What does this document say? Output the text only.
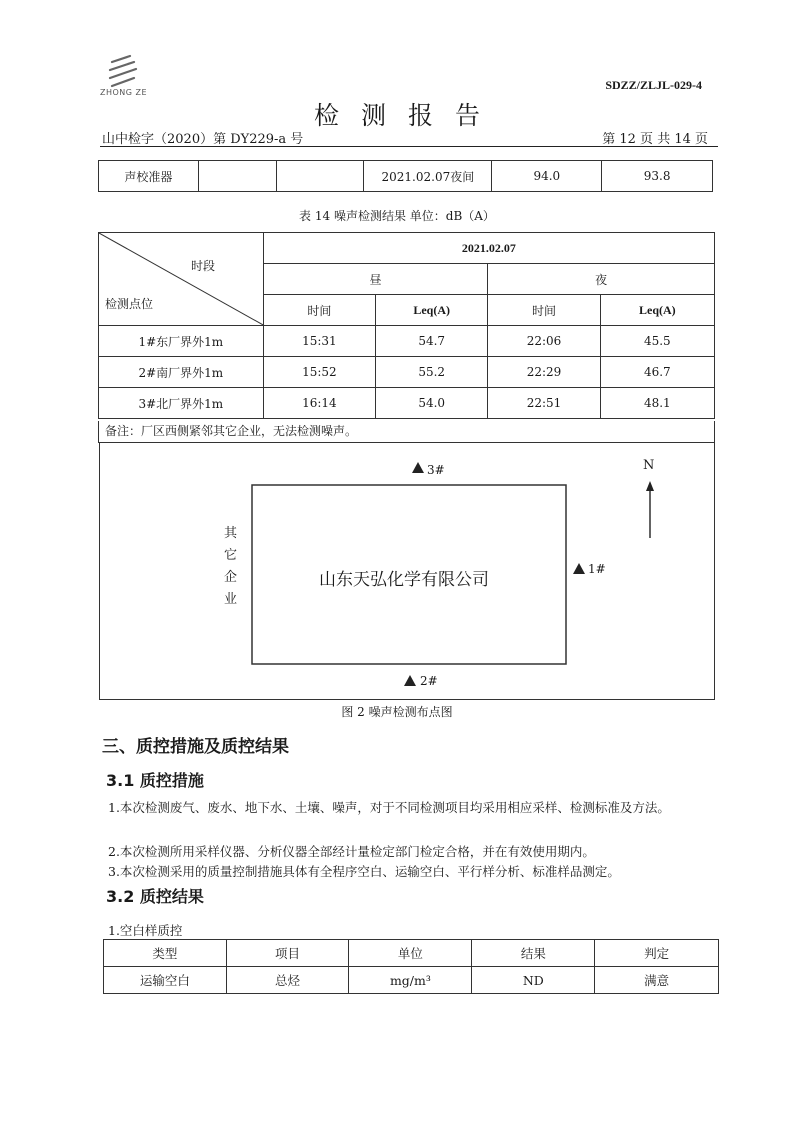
ZHONG ZE
SDZZ/ZLJL-029-4
检测报告
山中检字（2020）第 DY229-a 号	第 12 页 共 14 页
声校准器			2021.02.07夜间	94.0	93.8
表 14 噪声检测结果 单位：dB（A）
时段
检测点位	2021.02.07			
	昼		夜	
	时间	Leq(A)	时间	Leq(A)
1#东厂界外1m	15:31	54.7	22:06	45.5
2#南厂界外1m	15:52	55.2	22:29	46.7
3#北厂界外1m	16:14	54.0	22:51	48.1
备注：厂区西侧紧邻其它企业，无法检测噪声。
3#
1#
2#
N
山东天弘化学有限公司
其它企业
图 2 噪声检测布点图
三、质控措施及质控结果
3.1 质控措施
1.本次检测废气、废水、地下水、土壤、噪声，对于不同检测项目均采用相应采样、检测标准及方法。
2.本次检测所用采样仪器、分析仪器全部经计量检定部门检定合格，并在有效使用期内。
3.本次检测采用的质量控制措施具体有全程序空白、运输空白、平行样分析、标准样品测定。
3.2 质控结果
1.空白样质控
类型	项目	单位	结果	判定
运输空白	总烃	mg/m³	ND	满意
